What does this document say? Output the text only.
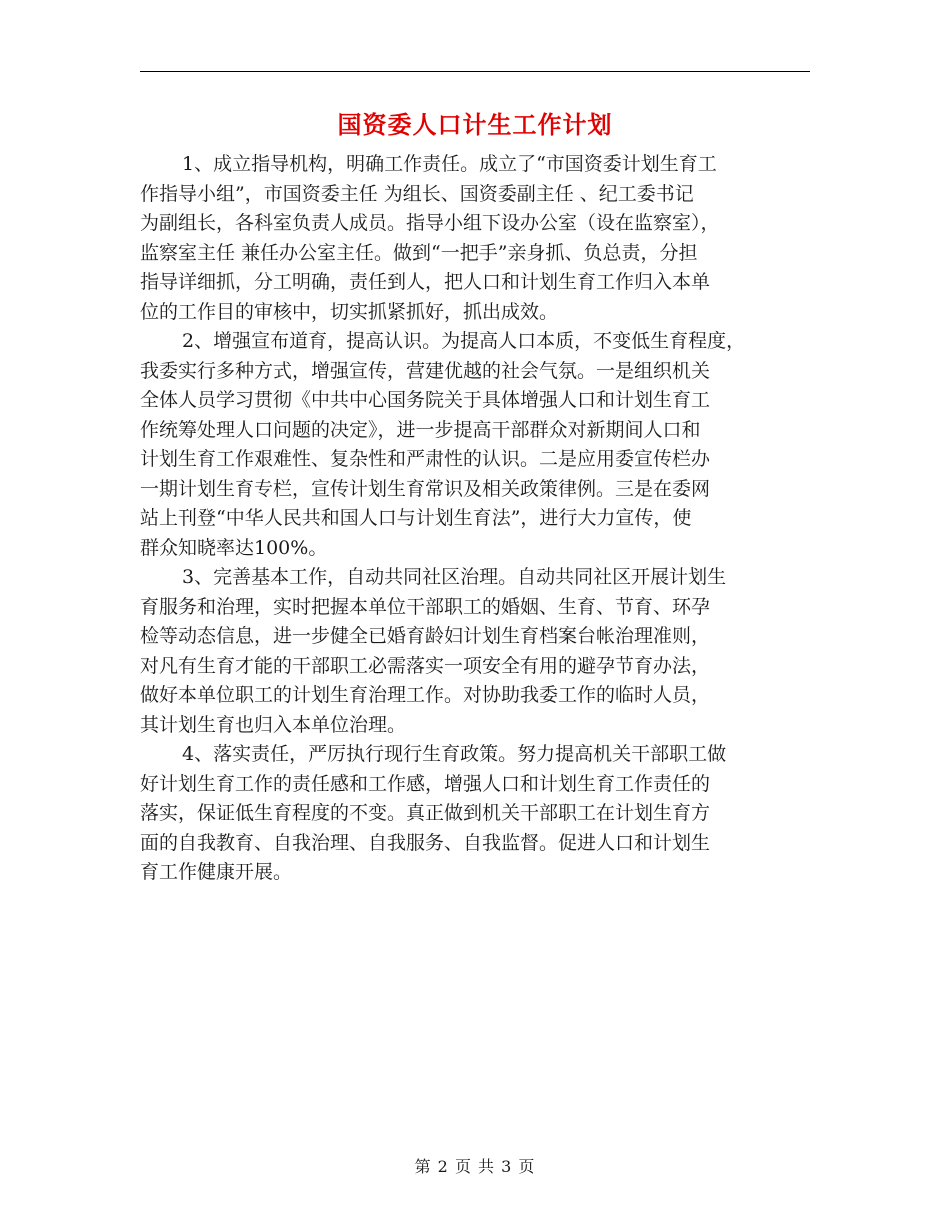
国资委人口计生工作计划
1、成立指导机构，明确工作责任。成立了“市国资委计划生育工
作指导小组”，市国资委主任 为组长、国资委副主任 、纪工委书记
为副组长，各科室负责人成员。指导小组下设办公室（设在监察室），
监察室主任 兼任办公室主任。做到“一把手”亲身抓、负总责，分担
指导详细抓，分工明确，责任到人，把人口和计划生育工作归入本单
位的工作目的审核中，切实抓紧抓好，抓出成效。
2、增强宣布道育，提高认识。为提高人口本质，不变低生育程度，
我委实行多种方式，增强宣传，营建优越的社会气氛。一是组织机关
全体人员学习贯彻《中共中心国务院关于具体增强人口和计划生育工
作统筹处理人口问题的决定》，进一步提高干部群众对新期间人口和
计划生育工作艰难性、复杂性和严肃性的认识。二是应用委宣传栏办
一期计划生育专栏，宣传计划生育常识及相关政策律例。三是在委网
站上刊登“中华人民共和国人口与计划生育法”，进行大力宣传，使
群众知晓率达100%。
3、完善基本工作，自动共同社区治理。自动共同社区开展计划生
育服务和治理，实时把握本单位干部职工的婚姻、生育、节育、环孕
检等动态信息，进一步健全已婚育龄妇计划生育档案台帐治理准则，
对凡有生育才能的干部职工必需落实一项安全有用的避孕节育办法，
做好本单位职工的计划生育治理工作。对协助我委工作的临时人员，
其计划生育也归入本单位治理。
4、落实责任，严厉执行现行生育政策。努力提高机关干部职工做
好计划生育工作的责任感和工作感，增强人口和计划生育工作责任的
落实，保证低生育程度的不变。真正做到机关干部职工在计划生育方
面的自我教育、自我治理、自我服务、自我监督。促进人口和计划生
育工作健康开展。
第 2 页 共 3 页
